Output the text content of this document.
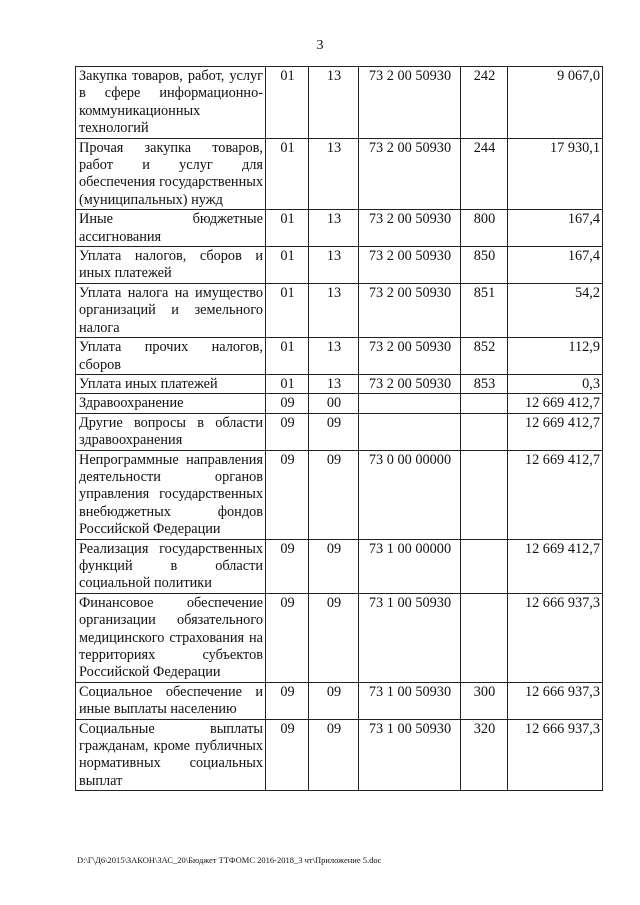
3
Закупка товаров, работ, услуг в сфере информационно-коммуникационных технологий	01	13	73 2 00 50930	242	9 067,0
Прочая закупка товаров, работ и услуг для обеспечения государственных (муниципальных) нужд	01	13	73 2 00 50930	244	17 930,1
Иные бюджетные ассигнования	01	13	73 2 00 50930	800	167,4
Уплата налогов, сборов и иных платежей	01	13	73 2 00 50930	850	167,4
Уплата налога на имущество организаций и земельного налога	01	13	73 2 00 50930	851	54,2
Уплата прочих налогов, сборов	01	13	73 2 00 50930	852	112,9
Уплата иных платежей	01	13	73 2 00 50930	853	0,3
Здравоохранение	09	00			12 669 412,7
Другие вопросы в области здравоохранения	09	09			12 669 412,7
Непрограммные направления деятельности органов управления государственных внебюджетных фондов Российской Федерации	09	09	73 0 00 00000		12 669 412,7
Реализация государственных функций в области социальной политики	09	09	73 1 00 00000		12 669 412,7
Финансовое обеспечение организации обязательного медицинского страхования на территориях субъектов Российской Федерации	09	09	73 1 00 50930		12 666 937,3
Социальное обеспечение и иные выплаты населению	09	09	73 1 00 50930	300	12 666 937,3
Социальные выплаты гражданам, кроме публичных нормативных социальных выплат	09	09	73 1 00 50930	320	12 666 937,3
D:\Г\Д6\2015\ЗАКОН\ЗАС_20\Бюджет ТТФОМС 2016-2018_3 чт\Приложение 5.doc
